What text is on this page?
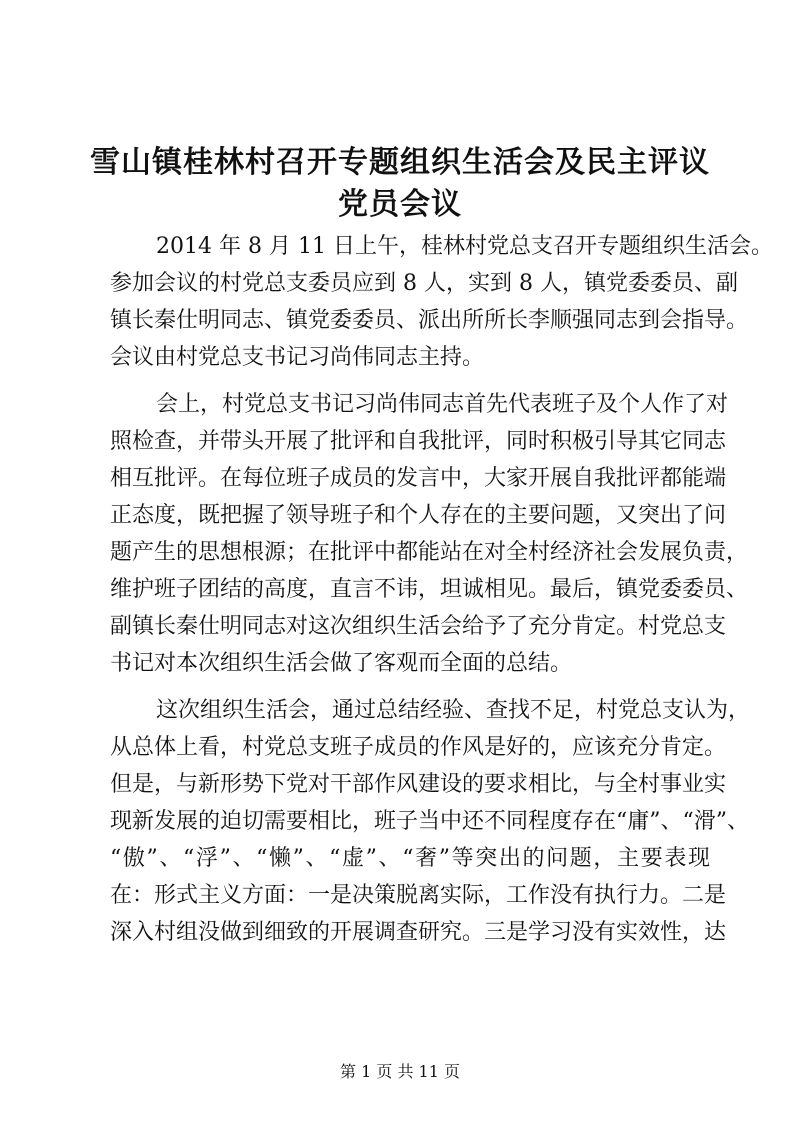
雪山镇桂林村召开专题组织生活会及民主评议
党员会议
2014 年 8 月 11 日上午，桂林村党总支召开专题组织生活会。
参加会议的村党总支委员应到 8 人，实到 8 人，镇党委委员、副
镇长秦仕明同志、镇党委委员、派出所所长李顺强同志到会指导。
会议由村党总支书记习尚伟同志主持。
会上，村党总支书记习尚伟同志首先代表班子及个人作了对
照检查，并带头开展了批评和自我批评，同时积极引导其它同志
相互批评。在每位班子成员的发言中，大家开展自我批评都能端
正态度，既把握了领导班子和个人存在的主要问题，又突出了问
题产生的思想根源；在批评中都能站在对全村经济社会发展负责，
维护班子团结的高度，直言不讳，坦诚相见。最后，镇党委委员、
副镇长秦仕明同志对这次组织生活会给予了充分肯定。村党总支
书记对本次组织生活会做了客观而全面的总结。
这次组织生活会，通过总结经验、查找不足，村党总支认为，
从总体上看，村党总支班子成员的作风是好的，应该充分肯定。
但是，与新形势下党对干部作风建设的要求相比，与全村事业实
现新发展的迫切需要相比，班子当中还不同程度存在“庸”、“滑”、
“傲”、“浮”、“懒”、“虚”、“奢”等突出的问题，主要表现
在：形式主义方面：一是决策脱离实际，工作没有执行力。二是
深入村组没做到细致的开展调查研究。三是学习没有实效性，达
第 1 页 共 11 页
